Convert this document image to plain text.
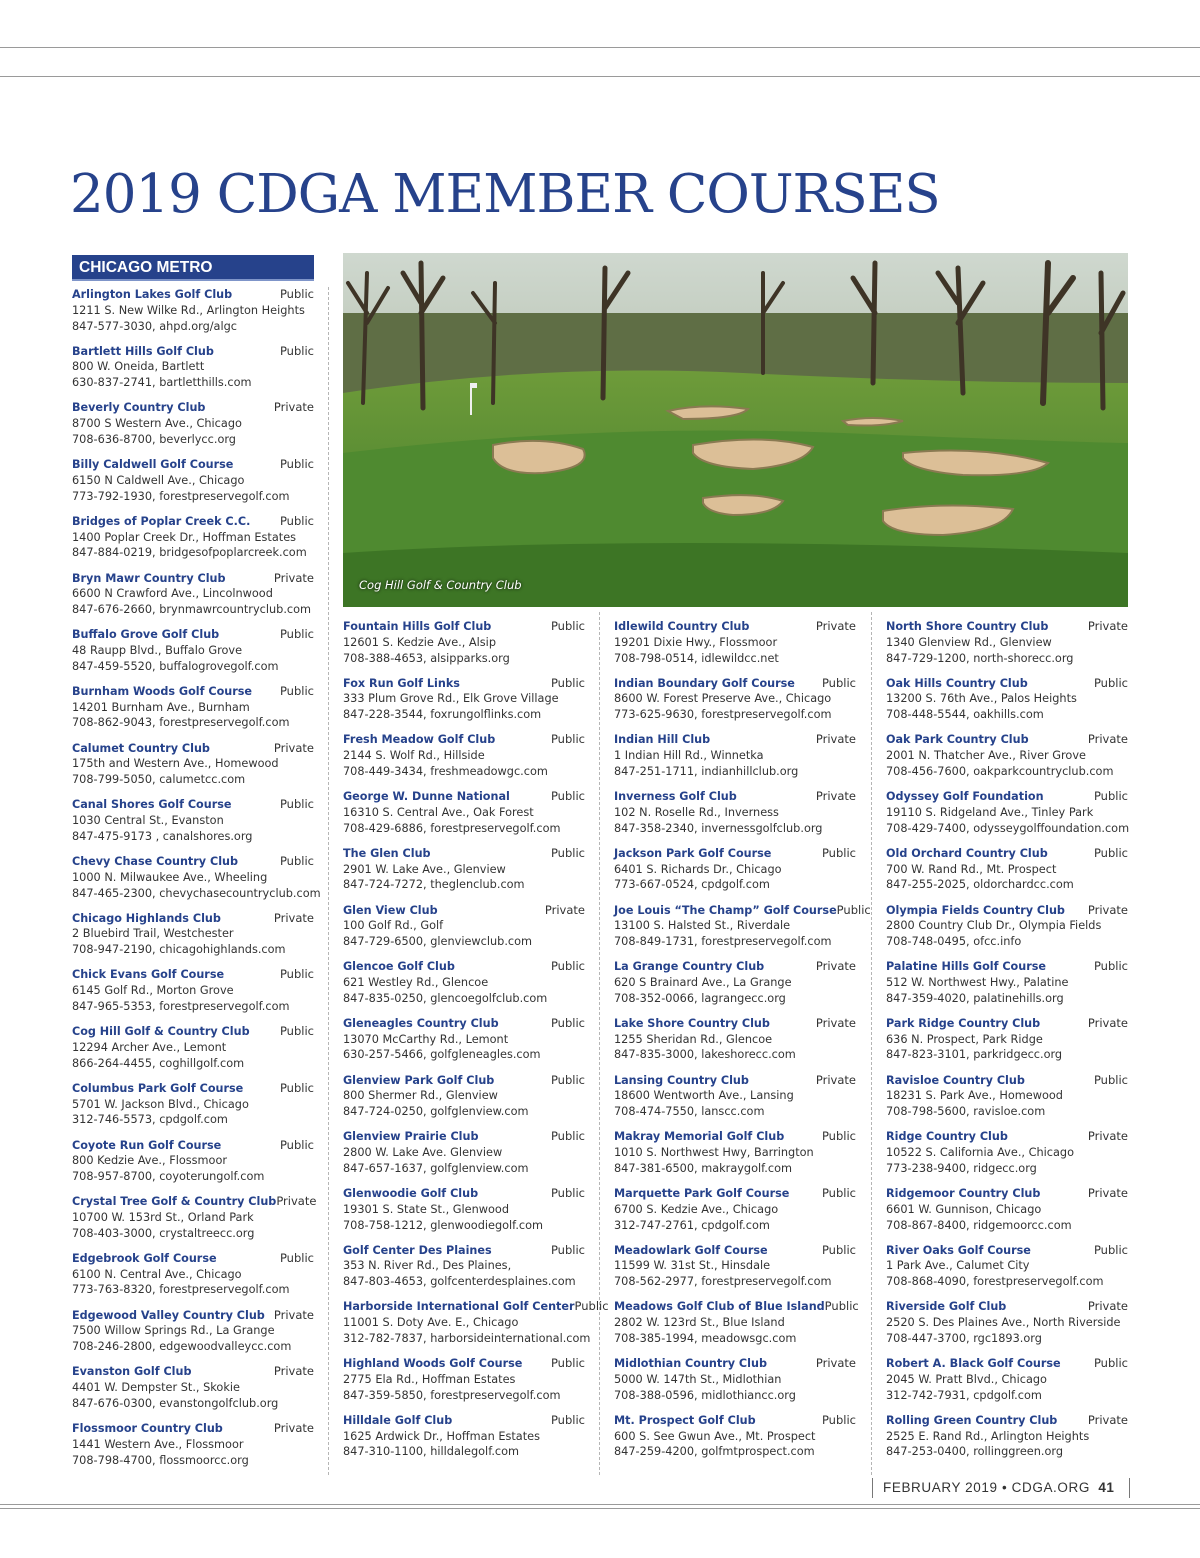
2019 CDGA MEMBER COURSES
CHICAGO METRO
Cog Hill Golf & Country Club
Arlington Lakes Golf Club	Public
1211 S. New Wilke Rd., Arlington Heights
847-577-3030, ahpd.org/algc
Bartlett Hills Golf Club	Public
800 W. Oneida, Bartlett
630-837-2741, bartletthills.com
Beverly Country Club	Private
8700 S Western Ave., Chicago
708-636-8700, beverlycc.org
Billy Caldwell Golf Course	Public
6150 N Caldwell Ave., Chicago
773-792-1930, forestpreservegolf.com
Bridges of Poplar Creek C.C.	Public
1400 Poplar Creek Dr., Hoffman Estates
847-884-0219, bridgesofpoplarcreek.com
Bryn Mawr Country Club	Private
6600 N Crawford Ave., Lincolnwood
847-676-2660, brynmawrcountryclub.com
Buffalo Grove Golf Club	Public
48 Raupp Blvd., Buffalo Grove
847-459-5520, buffalogrovegolf.com
Burnham Woods Golf Course Public
14201 Burnham Ave., Burnham
708-862-9043, forestpreservegolf.com
Calumet Country Club	Private
175th and Western Ave., Homewood
708-799-5050, calumetcc.com
Canal Shores Golf Course	Public
1030 Central St., Evanston
847-475-9173 , canalshores.org
Chevy Chase Country Club	Public
1000 N. Milwaukee Ave., Wheeling
847-465-2300, chevychasecountryclub.com
Chicago Highlands Club	Private
2 Bluebird Trail, Westchester
708-947-2190, chicagohighlands.com
Chick Evans Golf Course	Public
6145 Golf Rd., Morton Grove
847-965-5353, forestpreservegolf.com
Cog Hill Golf & Country Club	Public
12294 Archer Ave., Lemont
866-264-4455, coghillgolf.com
Columbus Park Golf Course	Public
5701 W. Jackson Blvd., Chicago
312-746-5573, cpdgolf.com
Coyote Run Golf Course	Public
800 Kedzie Ave., Flossmoor
708-957-8700, coyoterungolf.com
Crystal Tree Golf & Country Club Private
10700 W. 153rd St., Orland Park
708-403-3000, crystaltreecc.org
Edgebrook Golf Course	Public
6100 N. Central Ave., Chicago
773-763-8320, forestpreservegolf.com
Edgewood Valley Country Club Private
7500 Willow Springs Rd., La Grange
708-246-2800, edgewoodvalleycc.com
Evanston Golf Club	Private
4401 W. Dempster St., Skokie
847-676-0300, evanstongolfclub.org
Flossmoor Country Club	Private
1441 Western Ave., Flossmoor
708-798-4700, flossmoorcc.org
Fountain Hills Golf Club	Public
12601 S. Kedzie Ave., Alsip
708-388-4653, alsipparks.org
Fox Run Golf Links	Public
333 Plum Grove Rd., Elk Grove Village
847-228-3544, foxrungolflinks.com
Fresh Meadow Golf Club	Public
2144 S. Wolf Rd., Hillside
708-449-3434, freshmeadowgc.com
George W. Dunne National	Public
16310 S. Central Ave., Oak Forest
708-429-6886, forestpreservegolf.com
The Glen Club	Public
2901 W. Lake Ave., Glenview
847-724-7272, theglenclub.com
Glen View Club	Private
100 Golf Rd., Golf
847-729-6500, glenviewclub.com
Glencoe Golf Club	Public
621 Westley Rd., Glencoe
847-835-0250, glencoegolfclub.com
Gleneagles Country Club	Public
13070 McCarthy Rd., Lemont
630-257-5466, golfgleneagles.com
Glenview Park Golf Club	Public
800 Shermer Rd., Glenview
847-724-0250, golfglenview.com
Glenview Prairie Club	Public
2800 W. Lake Ave. Glenview
847-657-1637, golfglenview.com
Glenwoodie Golf Club	Public
19301 S. State St., Glenwood
708-758-1212, glenwoodiegolf.com
Golf Center Des Plaines	Public
353 N. River Rd., Des Plaines,
847-803-4653, golfcenterdesplaines.com
Harborside International Golf Center Public
11001 S. Doty Ave. E., Chicago
312-782-7837, harborsideinternational.com
Highland Woods Golf Course Public
2775 Ela Rd., Hoffman Estates
847-359-5850, forestpreservegolf.com
Hilldale Golf Club	Public
1625 Ardwick Dr., Hoffman Estates
847-310-1100, hilldalegolf.com
Idlewild Country Club	Private
19201 Dixie Hwy., Flossmoor
708-798-0514, idlewildcc.net
Indian Boundary Golf Course Public
8600 W. Forest Preserve Ave., Chicago
773-625-9630, forestpreservegolf.com
Indian Hill Club	Private
1 Indian Hill Rd., Winnetka
847-251-1711, indianhillclub.org
Inverness Golf Club	Private
102 N. Roselle Rd., Inverness
847-358-2340, invernessgolfclub.org
Jackson Park Golf Course	Public
6401 S. Richards Dr., Chicago
773-667-0524, cpdgolf.com
Joe Louis “The Champ” Golf Course Public
13100 S. Halsted St., Riverdale
708-849-1731, forestpreservegolf.com
La Grange Country Club	Private
620 S Brainard Ave., La Grange
708-352-0066, lagrangecc.org
Lake Shore Country Club	Private
1255 Sheridan Rd., Glencoe
847-835-3000, lakeshorecc.com
Lansing Country Club	Private
18600 Wentworth Ave., Lansing
708-474-7550, lanscc.com
Makray Memorial Golf Club	Public
1010 S. Northwest Hwy, Barrington
847-381-6500, makraygolf.com
Marquette Park Golf Course	Public
6700 S. Kedzie Ave., Chicago
312-747-2761, cpdgolf.com
Meadowlark Golf Course	Public
11599 W. 31st St., Hinsdale
708-562-2977, forestpreservegolf.com
Meadows Golf Club of Blue Island Public
2802 W. 123rd St., Blue Island
708-385-1994, meadowsgc.com
Midlothian Country Club	Private
5000 W. 147th St., Midlothian
708-388-0596, midlothiancc.org
Mt. Prospect Golf Club	Public
600 S. See Gwun Ave., Mt. Prospect
847-259-4200, golfmtprospect.com
North Shore Country Club	Private
1340 Glenview Rd., Glenview
847-729-1200, north-shorecc.org
Oak Hills Country Club	Public
13200 S. 76th Ave., Palos Heights
708-448-5544, oakhills.com
Oak Park Country Club	Private
2001 N. Thatcher Ave., River Grove
708-456-7600, oakparkcountryclub.com
Odyssey Golf Foundation	Public
19110 S. Ridgeland Ave., Tinley Park
708-429-7400, odysseygolffoundation.com
Old Orchard Country Club	Public
700 W. Rand Rd., Mt. Prospect
847-255-2025, oldorchardcc.com
Olympia Fields Country Club Private
2800 Country Club Dr., Olympia Fields
708-748-0495, ofcc.info
Palatine Hills Golf Course	Public
512 W. Northwest Hwy., Palatine
847-359-4020, palatinehills.org
Park Ridge Country Club	Private
636 N. Prospect, Park Ridge
847-823-3101, parkridgecc.org
Ravisloe Country Club	Public
18231 S. Park Ave., Homewood
708-798-5600, ravisloe.com
Ridge Country Club	Private
10522 S. California Ave., Chicago
773-238-9400, ridgecc.org
Ridgemoor Country Club	Private
6601 W. Gunnison, Chicago
708-867-8400, ridgemoorcc.com
River Oaks Golf Course	Public
1 Park Ave., Calumet City
708-868-4090, forestpreservegolf.com
Riverside Golf Club	Private
2520 S. Des Plaines Ave., North Riverside
708-447-3700, rgc1893.org
Robert A. Black Golf Course	Public
2045 W. Pratt Blvd., Chicago
312-742-7931, cpdgolf.com
Rolling Green Country Club	Private
2525 E. Rand Rd., Arlington Heights
847-253-0400, rollinggreen.org
FEBRUARY 2019 • CDGA.ORG 41
